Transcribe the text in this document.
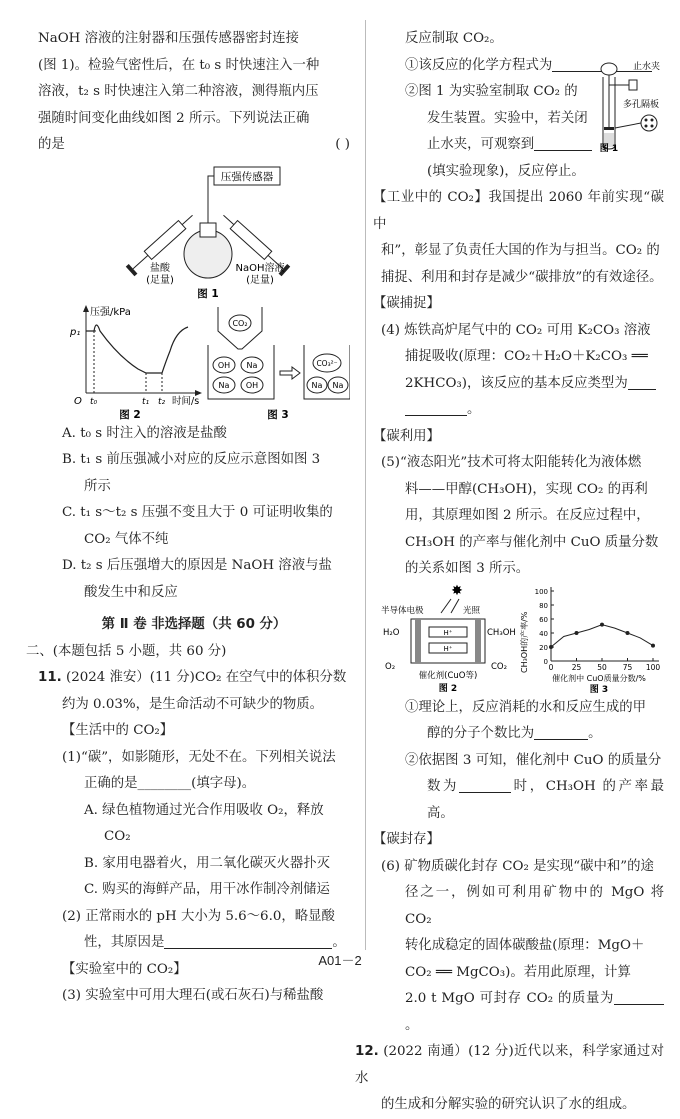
NaOH 溶液的注射器和压强传感器密封连接

(图 1)。检验气密性后，在 t₀ s 时快速注入一种

溶液，t₂ s 时快速注入第二种溶液，测得瓶内压

强随时间变化曲线如图 2 所示。下列说法正确

的是	( )

压强传感器
盐酸
(足量)
NaOH溶液
(足量)
图 1
压强/kPa
p₁
O t₀	t₁ t₂ 时间/s
图 2
CO₂
OH Na
Na OH
CO₃²⁻
Na Na
图 3

A. t₀ s 时注入的溶液是盐酸

B. t₁ s 前压强减小对应的反应示意图如图 3

所示

C. t₁ s～t₂ s 压强不变且大于 0 可证明收集的

CO₂ 气体不纯

D. t₂ s 后压强增大的原因是 NaOH 溶液与盐

酸发生中和反应

第 Ⅱ 卷 非选择题（共 60 分）

二、(本题包括 5 小题，共 60 分)

11. (2024 淮安）(11 分)CO₂ 在空气中的体积分数

约为 0.03%，是生命活动不可缺少的物质。

【生活中的 CO₂】

(1)“碳”，如影随形，无处不在。下列相关说法

正确的是________(填字母)。

A. 绿色植物通过光合作用吸收 O₂，释放

CO₂

B. 家用电器着火，用二氧化碳灭火器扑灭

C. 购买的海鲜产品，用干冰作制冷剂储运

(2) 正常雨水的 pH 大小为 5.6～6.0，略显酸

性，其原因是	。

【实验室中的 CO₂】

(3) 实验室中可用大理石(或石灰石)与稀盐酸

反应制取 CO₂。

①该反应的化学方程式为

②图 1 为实验室制取 CO₂ 的

发生装置。实验中，若关闭

止水夹，可观察到

(填实验现象)，反应停止。

止水夹
多孔隔板
图 1

【工业中的 CO₂】我国提出 2060 年前实现“碳中

和”，彰显了负责任大国的作为与担当。CO₂ 的

捕捉、利用和封存是减少“碳排放”的有效途径。

【碳捕捉】

(4) 炼铁高炉尾气中的 CO₂ 可用 K₂CO₃ 溶液

捕捉吸收(原理：CO₂＋H₂O＋K₂CO₃ ══

2KHCO₃)，该反应的基本反应类型为

。

【碳利用】

(5)“液态阳光”技术可将太阳能转化为液体燃

料——甲醇(CH₃OH)，实现 CO₂ 的再利

用，其原理如图 2 所示。在反应过程中，

CH₃OH 的产率与催化剂中 CuO 质量分数

的关系如图 3 所示。

✸
光照
半导体电极
H⁺
H⁺
H₂O	CH₃OH
O₂	CO₂
催化剂(CuO等)
图 2
CH₃OH的产率/%
催化剂中 CuO质量分数/%
图 3
0
20
40
60
80
100
0 25 50 75 100

①理论上，反应消耗的水和反应生成的甲

醇的分子个数比为	。

②依据图 3 可知，催化剂中 CuO 的质量分

数为	时，CH₃OH 的产率最高。

【碳封存】

(6) 矿物质碳化封存 CO₂ 是实现“碳中和”的途

径之一，例如可利用矿物中的 MgO 将 CO₂

转化成稳定的固体碳酸盐(原理：MgO＋

CO₂ ══ MgCO₃)。若用此原理，计算

2.0 t MgO 可封存 CO₂ 的质量为。

12. (2022 南通）(12 分)近代以来，科学家通过对水

的生成和分解实验的研究认识了水的组成。

A01－2
